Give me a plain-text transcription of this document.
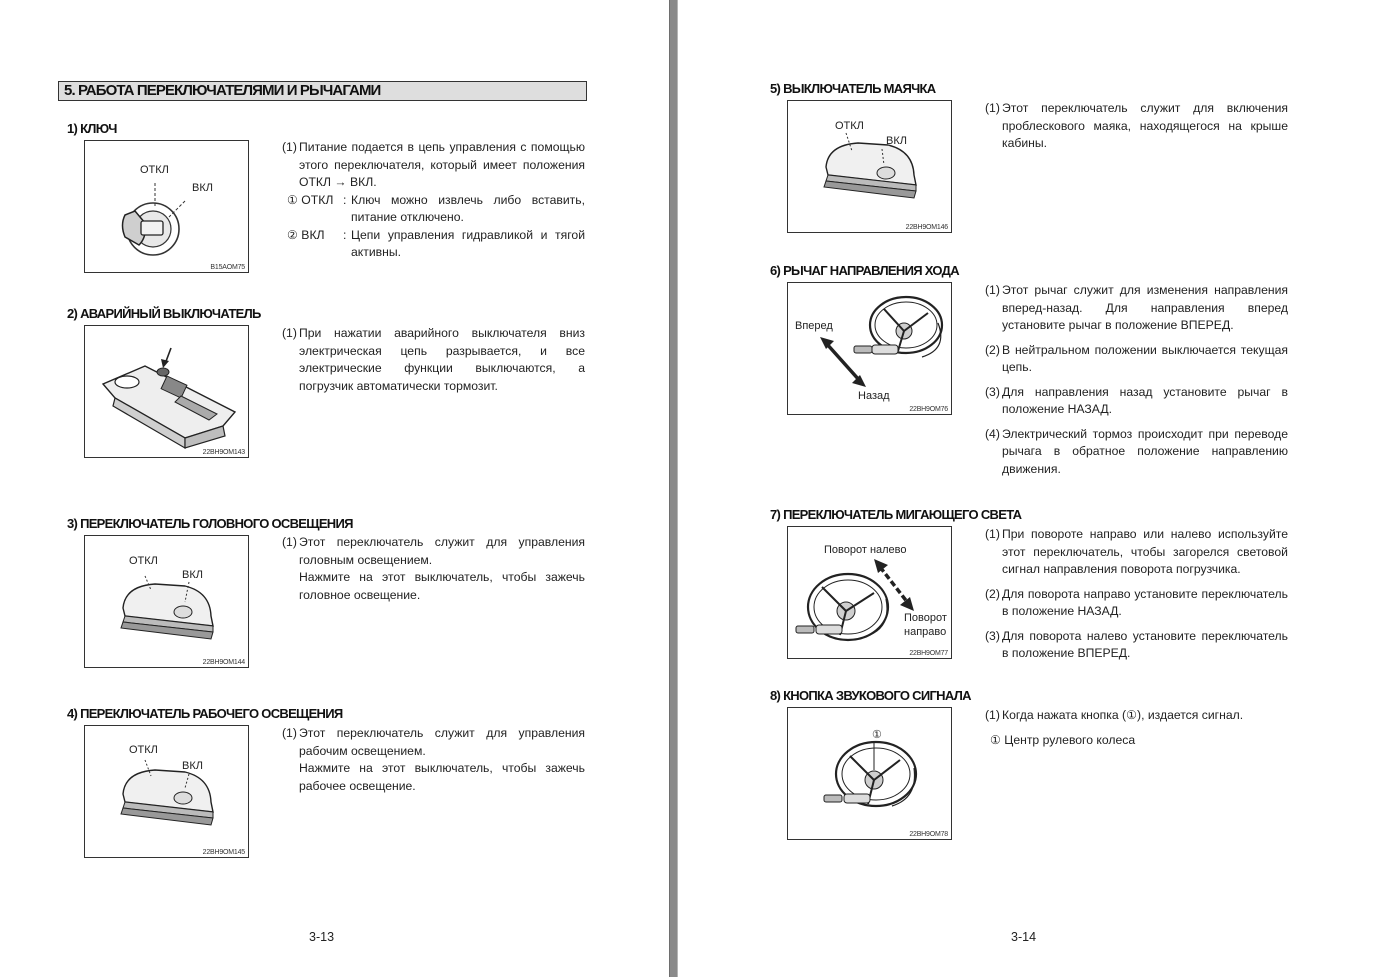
5. РАБОТА ПЕРЕКЛЮЧАТЕЛЯМИ И РЫЧАГАМИ
1) КЛЮЧ
ОТКЛ
ВКЛ
B15AOM75
(1) Питание подается в цепь управления с помощью этого переключателя, который имеет положения ОТКЛ → ВКЛ.
① ОТКЛ : Ключ можно извлечь либо вставить, питание отключено.
② ВКЛ : Цепи управления гидравликой и тягой активны.
2) АВАРИЙНЫЙ ВЫКЛЮЧАТЕЛЬ
22BH9OM143
(1) При нажатии аварийного выключателя вниз электрическая цепь разрывается, и все электрические функции выключаются, а погрузчик автоматически тормозит.
3) ПЕРЕКЛЮЧАТЕЛЬ ГОЛОВНОГО ОСВЕЩЕНИЯ
ОТКЛ
ВКЛ
22BH9OM144
(1) Этот переключатель служит для управления головным освещением.
Нажмите на этот выключатель, чтобы зажечь головное освещение.
4) ПЕРЕКЛЮЧАТЕЛЬ РАБОЧЕГО ОСВЕЩЕНИЯ
ОТКЛ
ВКЛ
22BH9OM145
(1) Этот переключатель служит для управления рабочим освещением.
Нажмите на этот выключатель, чтобы зажечь рабочее освещение.
3-13
5) ВЫКЛЮЧАТЕЛЬ МАЯЧКА
ОТКЛ
ВКЛ
22BH9OM146
(1) Этот переключатель служит для включения проблескового маяка, находящегося на крыше кабины.
6) РЫЧАГ НАПРАВЛЕНИЯ ХОДА
Вперед
Назад
22BH9OM76
(1) Этот рычаг служит для изменения направления вперед-назад. Для направления вперед установите рычаг в положение ВПЕРЕД.
(2) В нейтральном положении выключается текущая цепь.
(3) Для направления назад установите рычаг в положение НАЗАД.
(4) Электрический тормоз происходит при переводе рычага в обратное положение направлению движения.
7) ПЕРЕКЛЮЧАТЕЛЬ МИГАЮЩЕГО СВЕТА
Поворот налево
Поворот
направо
22BH9OM77
(1) При повороте направо или налево используйте этот переключатель, чтобы загорелся световой сигнал направления поворота погрузчика.
(2) Для поворота направо установите переключатель в положение НАЗАД.
(3) Для поворота налево установите переключатель в положение ВПЕРЕД.
8) КНОПКА ЗВУКОВОГО СИГНАЛА
①
22BH9OM78
(1) Когда нажата кнопка (①), издается сигнал.
① Центр рулевого колеса
3-14
